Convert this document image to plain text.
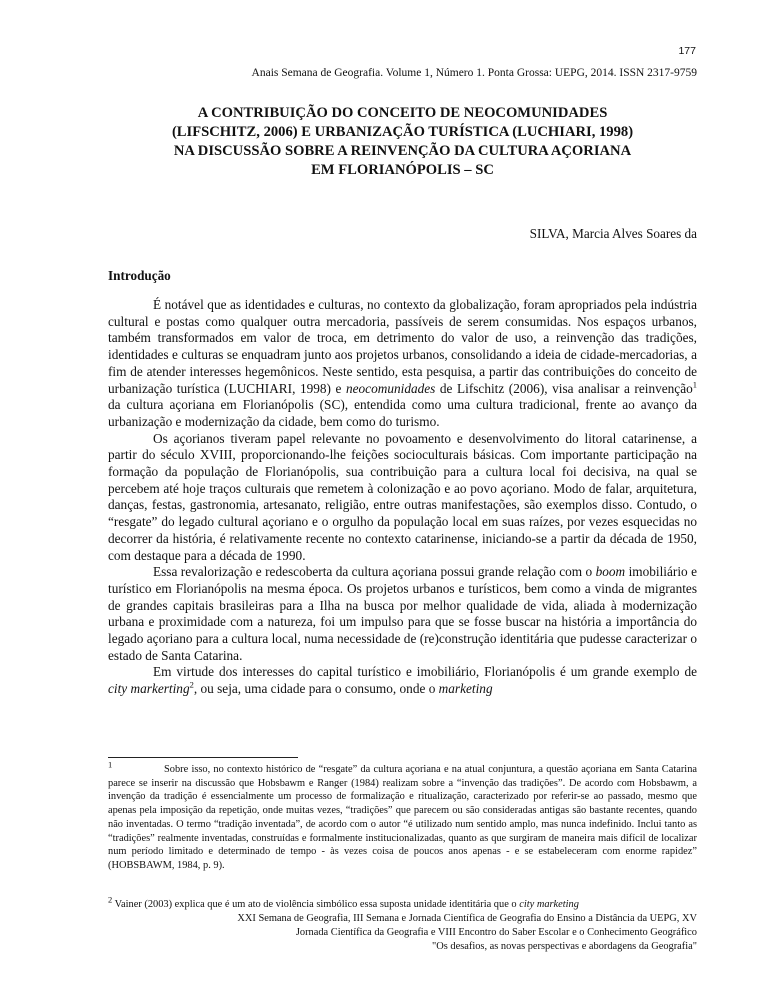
177
Anais Semana de Geografia. Volume 1, Número 1. Ponta Grossa: UEPG, 2014. ISSN 2317-9759
A CONTRIBUIÇÃO DO CONCEITO DE NEOCOMUNIDADES
(LIFSCHITZ, 2006) E URBANIZAÇÃO TURÍSTICA (LUCHIARI, 1998)
NA DISCUSSÃO SOBRE A REINVENÇÃO DA CULTURA AÇORIANA
EM FLORIANÓPOLIS – SC
SILVA, Marcia Alves Soares da
Introdução

É notável que as identidades e culturas, no contexto da globalização, foram apropriados pela indústria cultural e postas como qualquer outra mercadoria, passíveis de serem consumidas. Nos espaços urbanos, também transformados em valor de troca, em detrimento do valor de uso, a reinvenção das tradições, identidades e culturas se enquadram junto aos projetos urbanos, consolidando a ideia de cidade-mercadorias, a fim de atender interesses hegemônicos. Neste sentido, esta pesquisa, a partir das contribuições do conceito de urbanização turística (LUCHIARI, 1998) e neocomunidades de Lifschitz (2006), visa analisar a reinvenção$^1$ da cultura açoriana em Florianópolis (SC), entendida como uma cultura tradicional, frente ao avanço da urbanização e modernização da cidade, bem como do turismo.

Os açorianos tiveram papel relevante no povoamento e desenvolvimento do litoral catarinense, a partir do século XVIII, proporcionando-lhe feições socioculturais básicas. Com importante participação na formação da população de Florianópolis, sua contribuição para a cultura local foi decisiva, na qual se percebem até hoje traços culturais que remetem à colonização e ao povo açoriano. Modo de falar, arquitetura, danças, festas, gastronomia, artesanato, religião, entre outras manifestações, são exemplos disso. Contudo, o “resgate” do legado cultural açoriano e o orgulho da população local em suas raízes, por vezes esquecidas no decorrer da história, é relativamente recente no contexto catarinense, iniciando-se a partir da década de 1950, com destaque para a década de 1990.

Essa revalorização e redescoberta da cultura açoriana possui grande relação com o boom imobiliário e turístico em Florianópolis na mesma época. Os projetos urbanos e turísticos, bem como a vinda de migrantes de grandes capitais brasileiras para a Ilha na busca por melhor qualidade de vida, aliada à modernização urbana e proximidade com a natureza, foi um impulso para que se fosse buscar na história a importância do legado açoriano para a cultura local, numa necessidade de (re)construção identitária que pudesse caracterizar o estado de Santa Catarina.

Em virtude dos interesses do capital turístico e imobiliário, Florianópolis é um grande exemplo de city markerting$^2$, ou seja, uma cidade para o consumo, onde o marketing

$^1$	Sobre isso, no contexto histórico de “resgate” da cultura açoriana e na atual conjuntura, a questão açoriana em Santa Catarina parece se inserir na discussão que Hobsbawm e Ranger (1984) realizam sobre a “invenção das tradições”. De acordo com Hobsbawm, a invenção da tradição é essencialmente um processo de formalização e ritualização, caracterizado por referir-se ao passado, mesmo que apenas pela imposição da repetição, onde muitas vezes, “tradições” que parecem ou são consideradas antigas são bastante recentes, quando não inventadas. O termo “tradição inventada”, de acordo com o autor “é utilizado num sentido amplo, mas nunca indefinido. Inclui tanto as “tradições” realmente inventadas, construídas e formalmente institucionalizadas, quanto as que surgiram de maneira mais difícil de localizar num período limitado e determinado de tempo - às vezes coisa de poucos anos apenas - e se estabeleceram com enorme rapidez” (HOBSBAWM, 1984, p. 9).
$^2$ Vainer (2003) explica que é um ato de violência simbólico essa suposta unidade identitária que o city marketing
XXI Semana de Geografia, III Semana e Jornada Científica de Geografia do Ensino a Distância da UEPG, XV
Jornada Científica da Geografia e VIII Encontro do Saber Escolar e o Conhecimento Geográfico
"Os desafios, as novas perspectivas e abordagens da Geografia"
